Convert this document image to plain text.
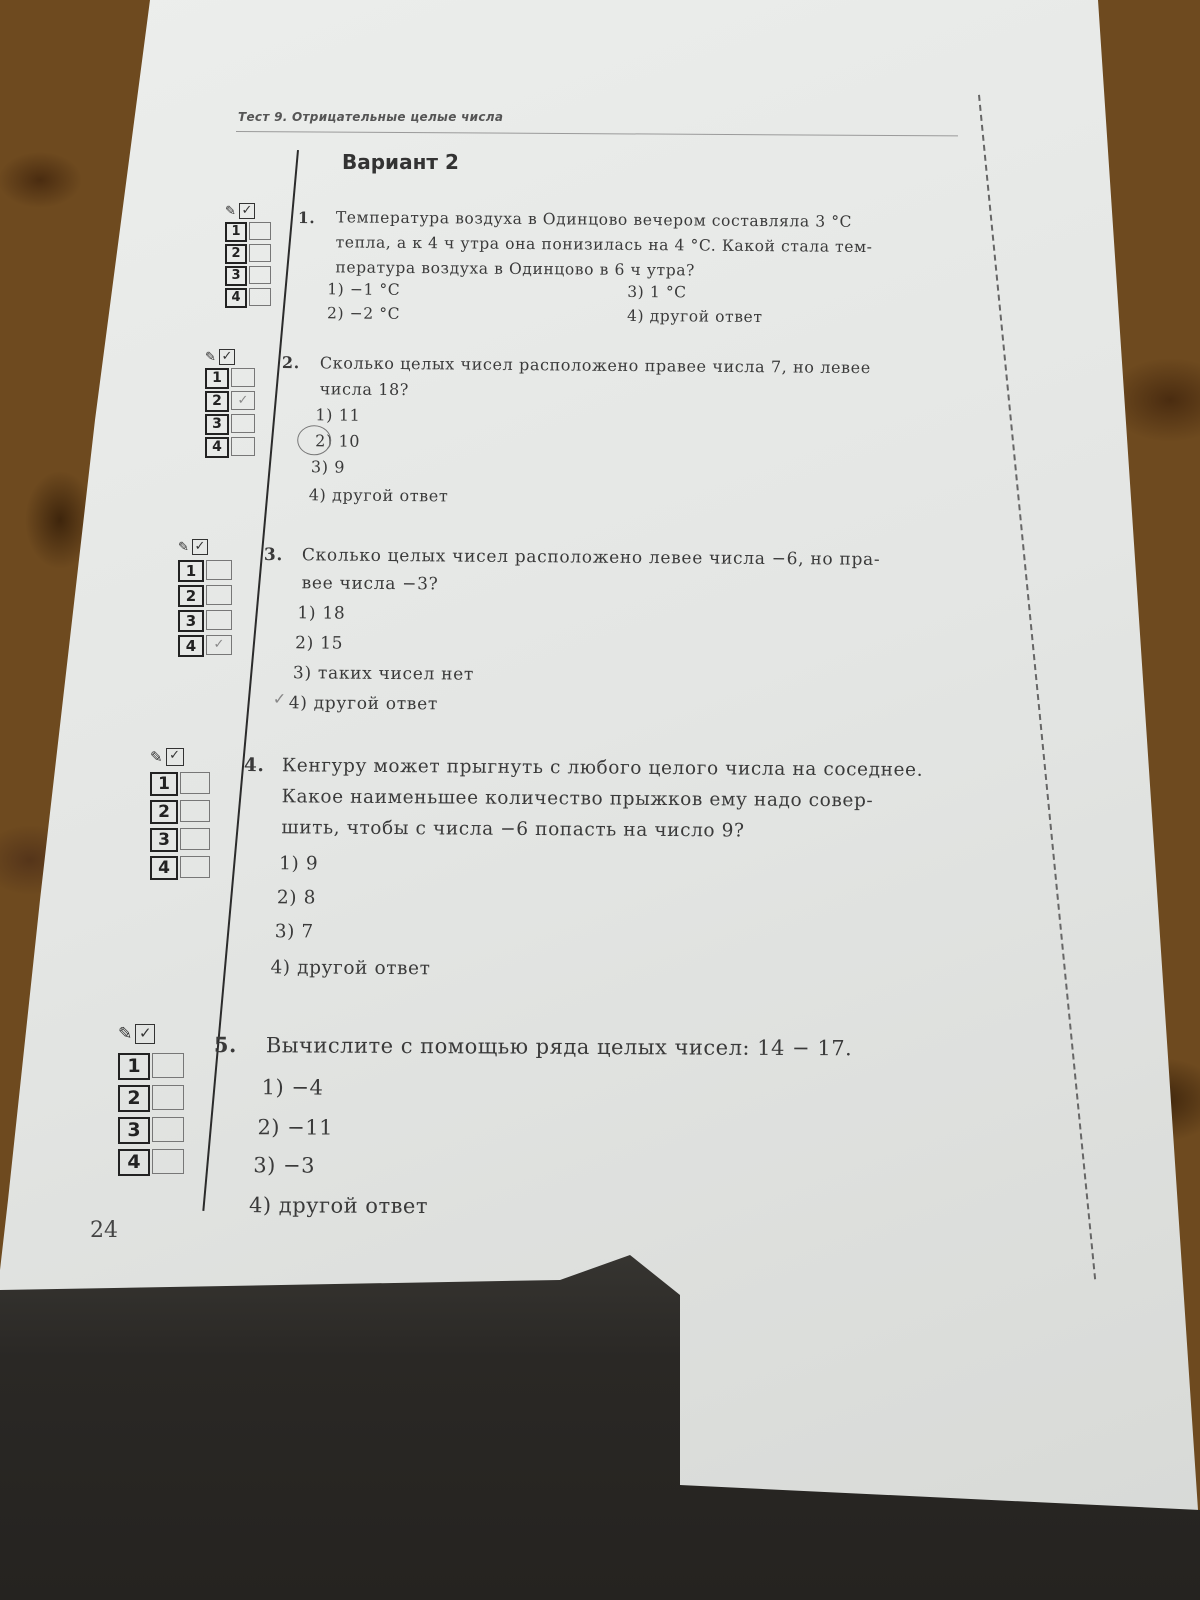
Тест 9. Отрицательные целые числа
Вариант 2
✎ ✓
1
2
3
4
1. Температура воздуха в Одинцово вечером составляла 3 °C
тепла, а к 4 ч утра она понизилась на 4 °C. Какой стала тем-
пература воздуха в Одинцово в 6 ч утра?
1) −1 °C
2) −2 °C
3) 1 °C
4) другой ответ
✎ ✓
1
2	✓
3
4
2. Сколько целых чисел расположено правее числа 7, но левее
числа 18?
1) 11
2) 10
3) 9
4) другой ответ
✎ ✓
1
2
3
4	✓
3. Сколько целых чисел расположено левее числа −6, но пра-
вее числа −3?
1) 18
2) 15
3) таких чисел нет
4) другой ответ
✓
✎ ✓
1
2
3
4
4. Кенгуру может прыгнуть с любого целого числа на соседнее.
Какое наименьшее количество прыжков ему надо совер-
шить, чтобы с числа −6 попасть на число 9?
1) 9
2) 8
3) 7
4) другой ответ
✎ ✓
1
2
3
4
5. Вычислите с помощью ряда целых чисел: 14 − 17.
1) −4
2) −11
3) −3
4) другой ответ
24
